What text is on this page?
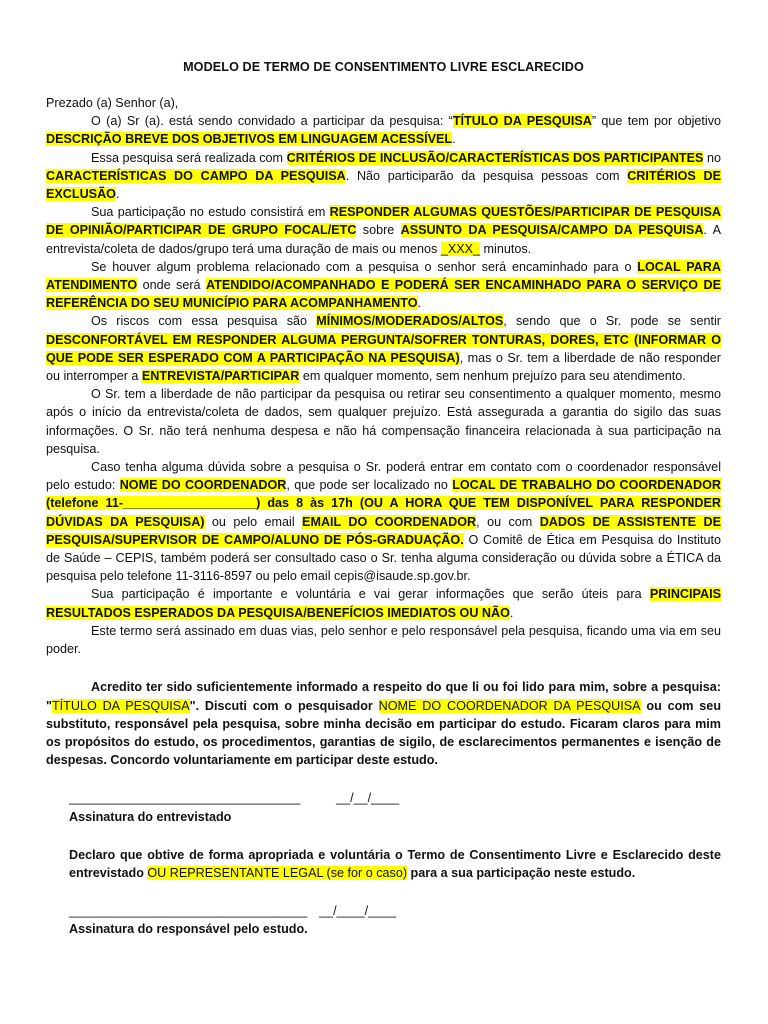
MODELO DE TERMO DE CONSENTIMENTO LIVRE ESCLARECIDO

Prezado (a) Senhor (a),

O (a) Sr (a). está sendo convidado a participar da pesquisa: “TÍTULO DA PESQUISA” que tem por objetivo DESCRIÇÃO BREVE DOS OBJETIVOS EM LINGUAGEM ACESSÍVEL.

Essa pesquisa será realizada com CRITÉRIOS DE INCLUSÃO/CARACTERÍSTICAS DOS PARTICIPANTES no CARACTERÍSTICAS DO CAMPO DA PESQUISA. Não participarão da pesquisa pessoas com CRITÉRIOS DE EXCLUSÃO.

Sua participação no estudo consistirá em RESPONDER ALGUMAS QUESTÕES/PARTICIPAR DE PESQUISA DE OPINIÃO/PARTICIPAR DE GRUPO FOCAL/ETC sobre ASSUNTO DA PESQUISA/CAMPO DA PESQUISA. A entrevista/coleta de dados/grupo terá uma duração de mais ou menos _XXX_ minutos.

Se houver algum problema relacionado com a pesquisa o senhor será encaminhado para o LOCAL PARA ATENDIMENTO onde será ATENDIDO/ACOMPANHADO E PODERÁ SER ENCAMINHADO PARA O SERVIÇO DE REFERÊNCIA DO SEU MUNICÍPIO PARA ACOMPANHAMENTO.

Os riscos com essa pesquisa são MÍNIMOS/MODERADOS/ALTOS, sendo que o Sr. pode se sentir DESCONFORTÁVEL EM RESPONDER ALGUMA PERGUNTA/SOFRER TONTURAS, DORES, ETC (INFORMAR O QUE PODE SER ESPERADO COM A PARTICIPAÇÃO NA PESQUISA), mas o Sr. tem a liberdade de não responder ou interromper a ENTREVISTA/PARTICIPAR em qualquer momento, sem nenhum prejuízo para seu atendimento.

O Sr. tem a liberdade de não participar da pesquisa ou retirar seu consentimento a qualquer momento, mesmo após o início da entrevista/coleta de dados, sem qualquer prejuízo. Está assegurada a garantia do sigilo das suas informações. O Sr. não terá nenhuma despesa e não há compensação financeira relacionada à sua participação na pesquisa.

Caso tenha alguma dúvida sobre a pesquisa o Sr. poderá entrar em contato com o coordenador responsável pelo estudo: NOME DO COORDENADOR, que pode ser localizado no LOCAL DE TRABALHO DO COORDENADOR (telefone 11-___________________) das 8 às 17h (OU A HORA QUE TEM DISPONÍVEL PARA RESPONDER DÚVIDAS DA PESQUISA) ou pelo email EMAIL DO COORDENADOR, ou com DADOS DE ASSISTENTE DE PESQUISA/SUPERVISOR DE CAMPO/ALUNO DE PÓS-GRADUAÇÃO. O Comitê de Ética em Pesquisa do Instituto de Saúde – CEPIS, também poderá ser consultado caso o Sr. tenha alguma consideração ou dúvida sobre a ÉTICA da pesquisa pelo telefone 11-3116-8597 ou pelo email cepis@isaude.sp.gov.br.

Sua participação é importante e voluntária e vai gerar informações que serão úteis para PRINCIPAIS RESULTADOS ESPERADOS DA PESQUISA/BENEFÍCIOS IMEDIATOS OU NÃO.

Este termo será assinado em duas vias, pelo senhor e pelo responsável pela pesquisa, ficando uma via em seu poder.

Acredito ter sido suficientemente informado a respeito do que li ou foi lido para mim, sobre a pesquisa: "TÍTULO DA PESQUISA". Discuti com o pesquisador NOME DO COORDENADOR DA PESQUISA ou com seu substituto, responsável pela pesquisa, sobre minha decisão em participar do estudo. Ficaram claros para mim os propósitos do estudo, os procedimentos, garantias de sigilo, de esclarecimentos permanentes e isenção de despesas. Concordo voluntariamente em participar deste estudo.

_________________________________	__/__/____
Assinatura do entrevistado

Declaro que obtive de forma apropriada e voluntária o Termo de Consentimento Livre e Esclarecido deste entrevistado OU REPRESENTANTE LEGAL (se for o caso) para a sua participação neste estudo.

__________________________________ __/____/____
Assinatura do responsável pelo estudo.
